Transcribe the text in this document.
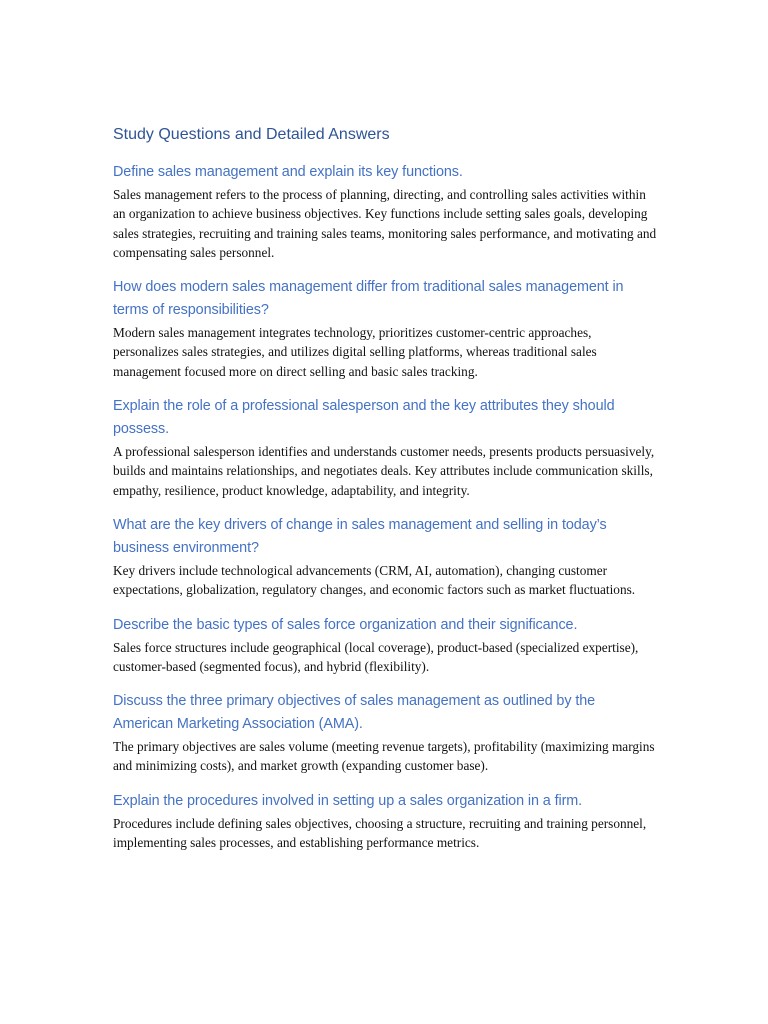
Study Questions and Detailed Answers
Define sales management and explain its key functions.

Sales management refers to the process of planning, directing, and controlling sales activities within an organization to achieve business objectives. Key functions include setting sales goals, developing sales strategies, recruiting and training sales teams, monitoring sales performance, and motivating and compensating sales personnel.

How does modern sales management differ from traditional sales management in terms of responsibilities?

Modern sales management integrates technology, prioritizes customer-centric approaches, personalizes sales strategies, and utilizes digital selling platforms, whereas traditional sales management focused more on direct selling and basic sales tracking.

Explain the role of a professional salesperson and the key attributes they should possess.

A professional salesperson identifies and understands customer needs, presents products persuasively, builds and maintains relationships, and negotiates deals. Key attributes include communication skills, empathy, resilience, product knowledge, adaptability, and integrity.

What are the key drivers of change in sales management and selling in today’s business environment?

Key drivers include technological advancements (CRM, AI, automation), changing customer expectations, globalization, regulatory changes, and economic factors such as market fluctuations.

Describe the basic types of sales force organization and their significance.

Sales force structures include geographical (local coverage), product-based (specialized expertise), customer-based (segmented focus), and hybrid (flexibility).

Discuss the three primary objectives of sales management as outlined by the American Marketing Association (AMA).

The primary objectives are sales volume (meeting revenue targets), profitability (maximizing margins and minimizing costs), and market growth (expanding customer base).

Explain the procedures involved in setting up a sales organization in a firm.

Procedures include defining sales objectives, choosing a structure, recruiting and training personnel, implementing sales processes, and establishing performance metrics.
